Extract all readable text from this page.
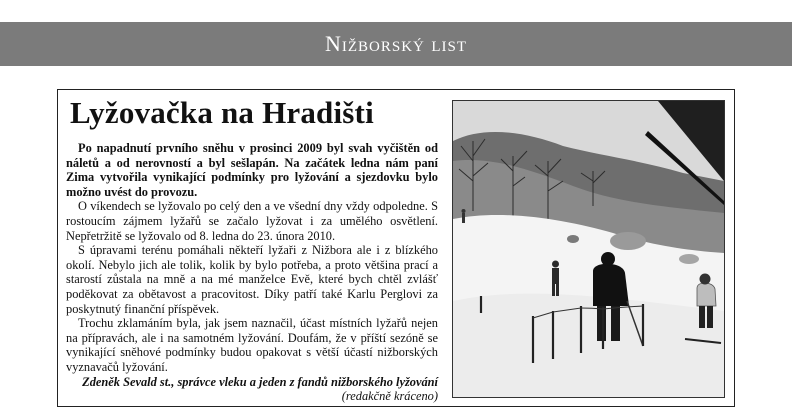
Nižborský list
Lyžovačka na Hradišti

Po napadnutí prvního sněhu v prosinci 2009 byl svah vyčištěn od náletů a od nerovností a byl sešlapán. Na začátek ledna nám paní Zima vytvořila vynikající podmínky pro lyžování a sjezdovku bylo možno uvést do provozu.

O víkendech se lyžovalo po celý den a ve všední dny vždy odpoledne. S rostoucím zájmem lyžařů se začalo lyžovat i za umělého osvětlení. Nepřetržitě se lyžovalo od 8. ledna do 23. února 2010.

S úpravami terénu pomáhali někteří lyžaři z Nižbora ale i z blízkého okolí. Nebylo jich ale tolik, kolik by bylo potřeba, a proto většina prací a starostí zůstala na mně a na mé manželce Evě, které bych chtěl zvlášť poděkovat za obětavost a pracovitost. Díky patří také Karlu Perglovi za poskytnutý finanční příspěvek.

Trochu zklamáním byla, jak jsem naznačil, účast místních lyžařů nejen na přípravách, ale i na samotném lyžování. Doufám, že v příští sezóně se vynikající sněhové podmínky budou opakovat s větší účastí nižborských vyznavačů lyžování.

Zdeněk Sevald st., správce vleku a jeden z fandů nižborského lyžování

(redakčně kráceno)
